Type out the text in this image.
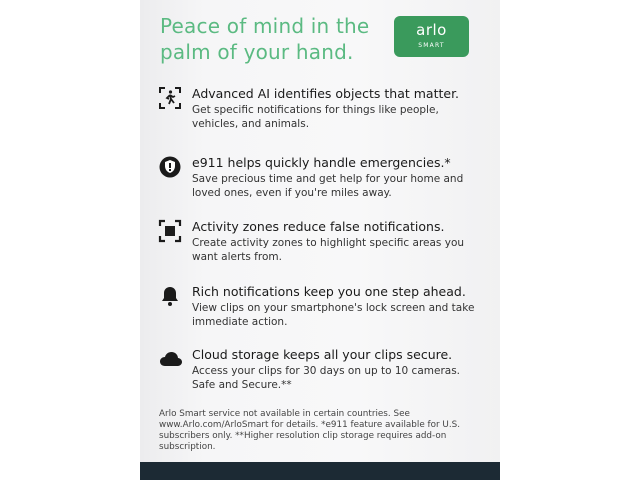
Peace of mind in the palm of your hand.
arlo
SMART
Advanced AI identifies objects that matter.
Get specific notifications for things like people, vehicles, and animals.
e911 helps quickly handle emergencies.*
Save precious time and get help for your home and loved ones, even if you're miles away.
Activity zones reduce false notifications.
Create activity zones to highlight specific areas you want alerts from.
Rich notifications keep you one step ahead.
View clips on your smartphone's lock screen and take immediate action.
Cloud storage keeps all your clips secure.
Access your clips for 30 days on up to 10 cameras. Safe and Secure.**
Arlo Smart service not available in certain countries. See www.Arlo.com/ArloSmart for details. *e911 feature available for U.S. subscribers only. **Higher resolution clip storage requires add-on subscription.
